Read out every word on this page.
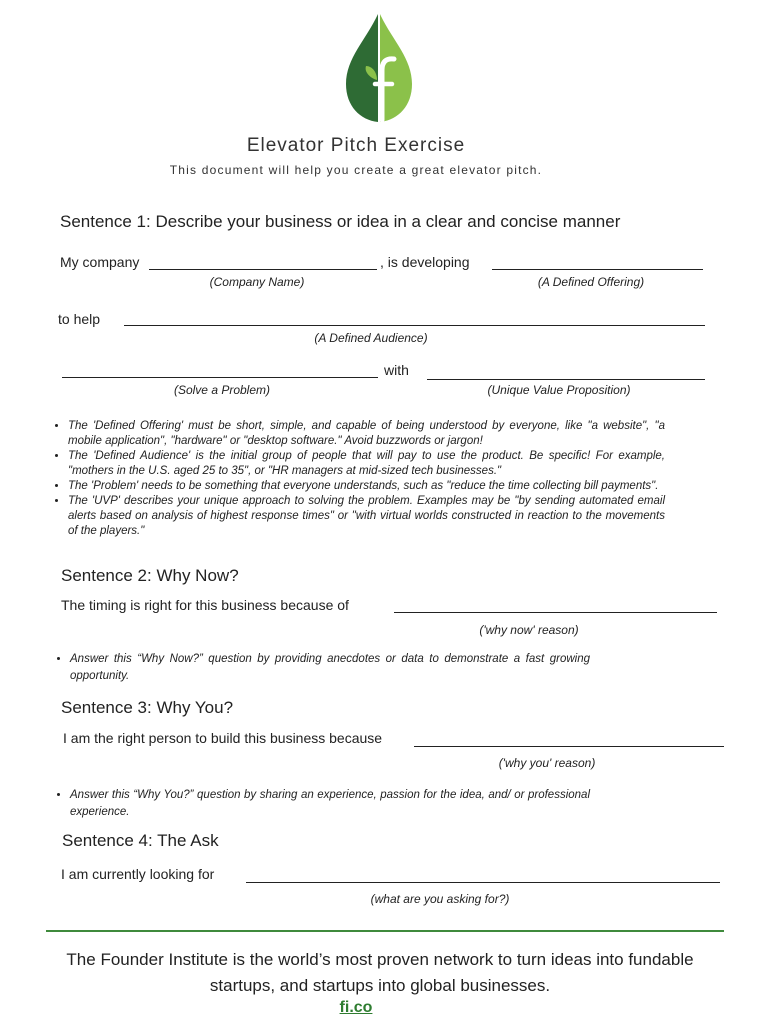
Elevator Pitch Exercise
This document will help you create a great elevator pitch.
Sentence 1: Describe your business or idea in a clear and concise manner
My company	, is developing
(Company Name)	(A Defined Offering)
to help
(A Defined Audience)
with
(Solve a Problem)	(Unique Value Proposition)
• The 'Defined Offering' must be short, simple, and capable of being understood by everyone, like "a website", "a mobile application", "hardware" or "desktop software." Avoid buzzwords or jargon!
• The 'Defined Audience' is the initial group of people that will pay to use the product. Be specific! For example, "mothers in the U.S. aged 25 to 35", or "HR managers at mid-sized tech businesses."
• The 'Problem' needs to be something that everyone understands, such as "reduce the time collecting bill payments".
• The 'UVP' describes your unique approach to solving the problem. Examples may be "by sending automated email alerts based on analysis of highest response times" or "with virtual worlds constructed in reaction to the movements of the players."
Sentence 2: Why Now?
The timing is right for this business because of
('why now' reason)
• Answer this “Why Now?” question by providing anecdotes or data to demonstrate a fast growing opportunity.
Sentence 3: Why You?
I am the right person to build this business because
('why you' reason)
• Answer this “Why You?” question by sharing an experience, passion for the idea, and/ or professional experience.
Sentence 4: The Ask
I am currently looking for
(what are you asking for?)
The Founder Institute is the world’s most proven network to turn ideas into fundable startups, and startups into global businesses.
fi.co
